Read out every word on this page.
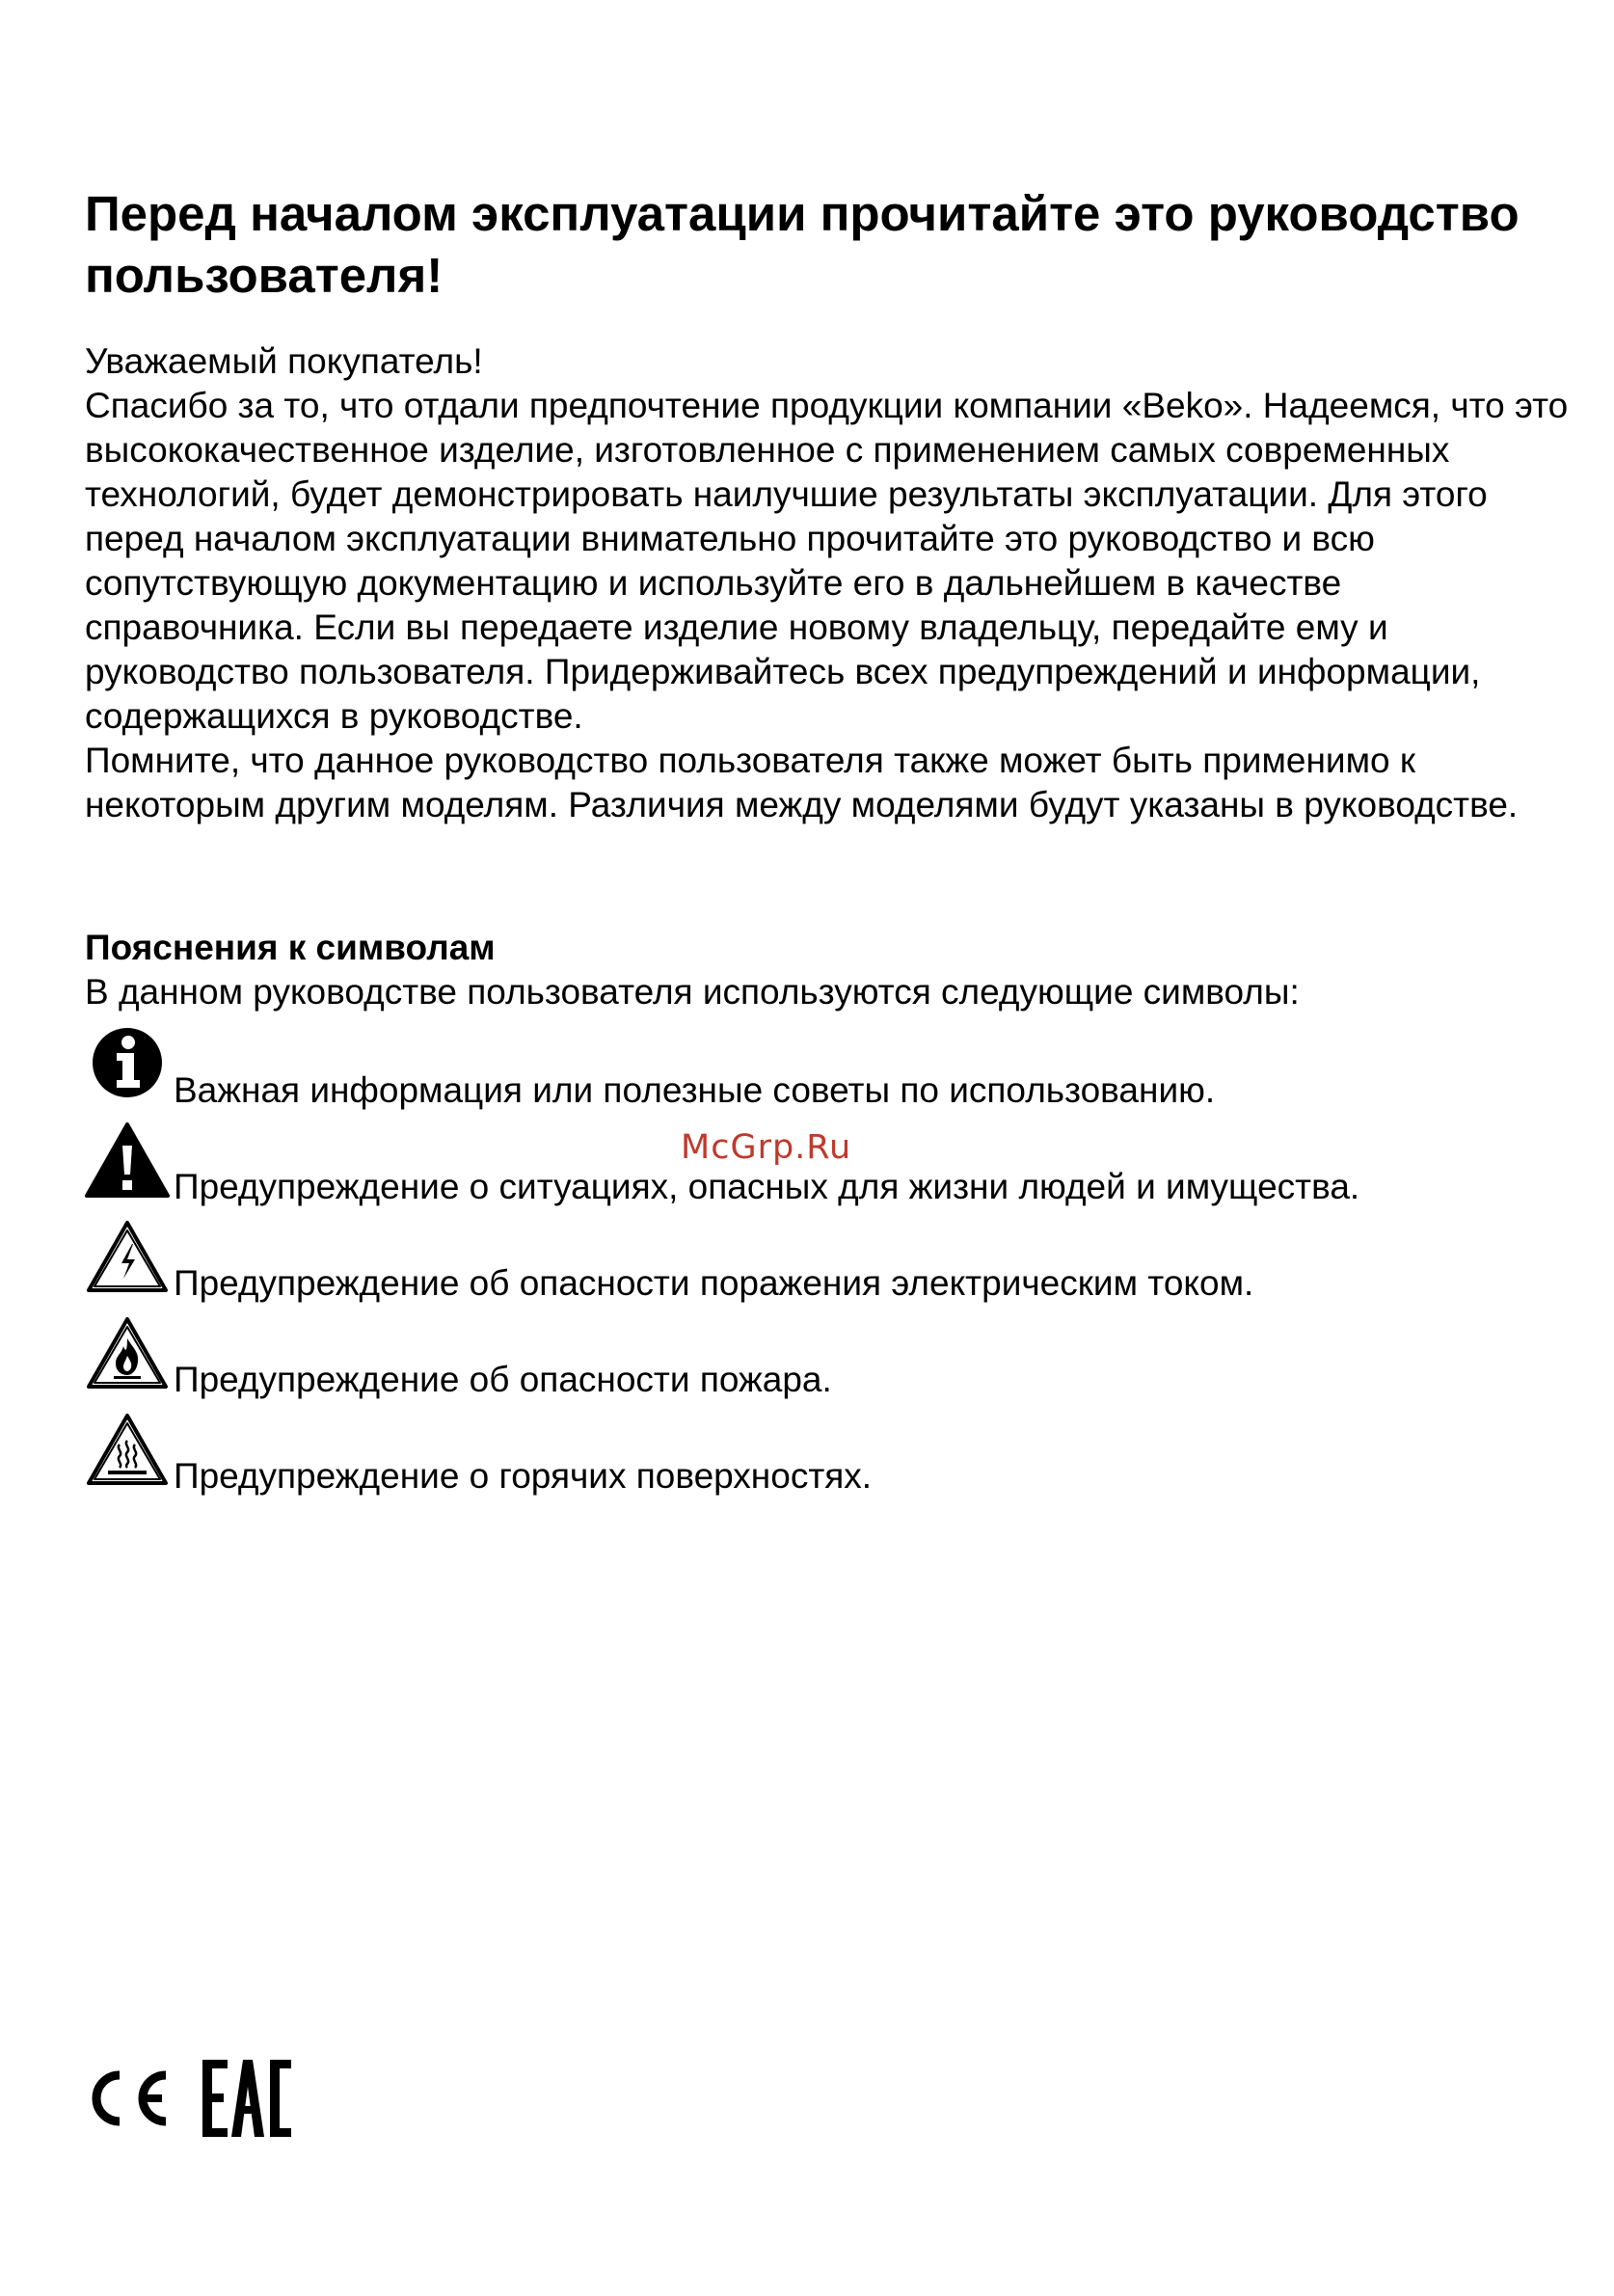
Перед началом эксплуатации прочитайте это руководство пользователя!

Уважаемый покупатель!

Спасибо за то, что отдали предпочтение продукции компании «Beko». Надеемся, что это высококачественное изделие, изготовленное с применением самых современных технологий, будет демонстрировать наилучшие результаты эксплуатации. Для этого перед началом эксплуатации внимательно прочитайте это руководство и всю сопутствующую документацию и используйте его в дальнейшем в качестве справочника. Если вы передаете изделие новому владельцу, передайте ему и руководство пользователя. Придерживайтесь всех предупреждений и информации, содержащихся в руководстве.

Помните, что данное руководство пользователя также может быть применимо к некоторым другим моделям. Различия между моделями будут указаны в руководстве.

Пояснения к символам

В данном руководстве пользователя используются следующие символы:

Важная информация или полезные советы по использованию.
Предупреждение о ситуациях, опасных для жизни людей и имущества.
Предупреждение об опасности поражения электрическим током.
Предупреждение об опасности пожара.
Предупреждение о горячих поверхностях.
McGrp.Ru
